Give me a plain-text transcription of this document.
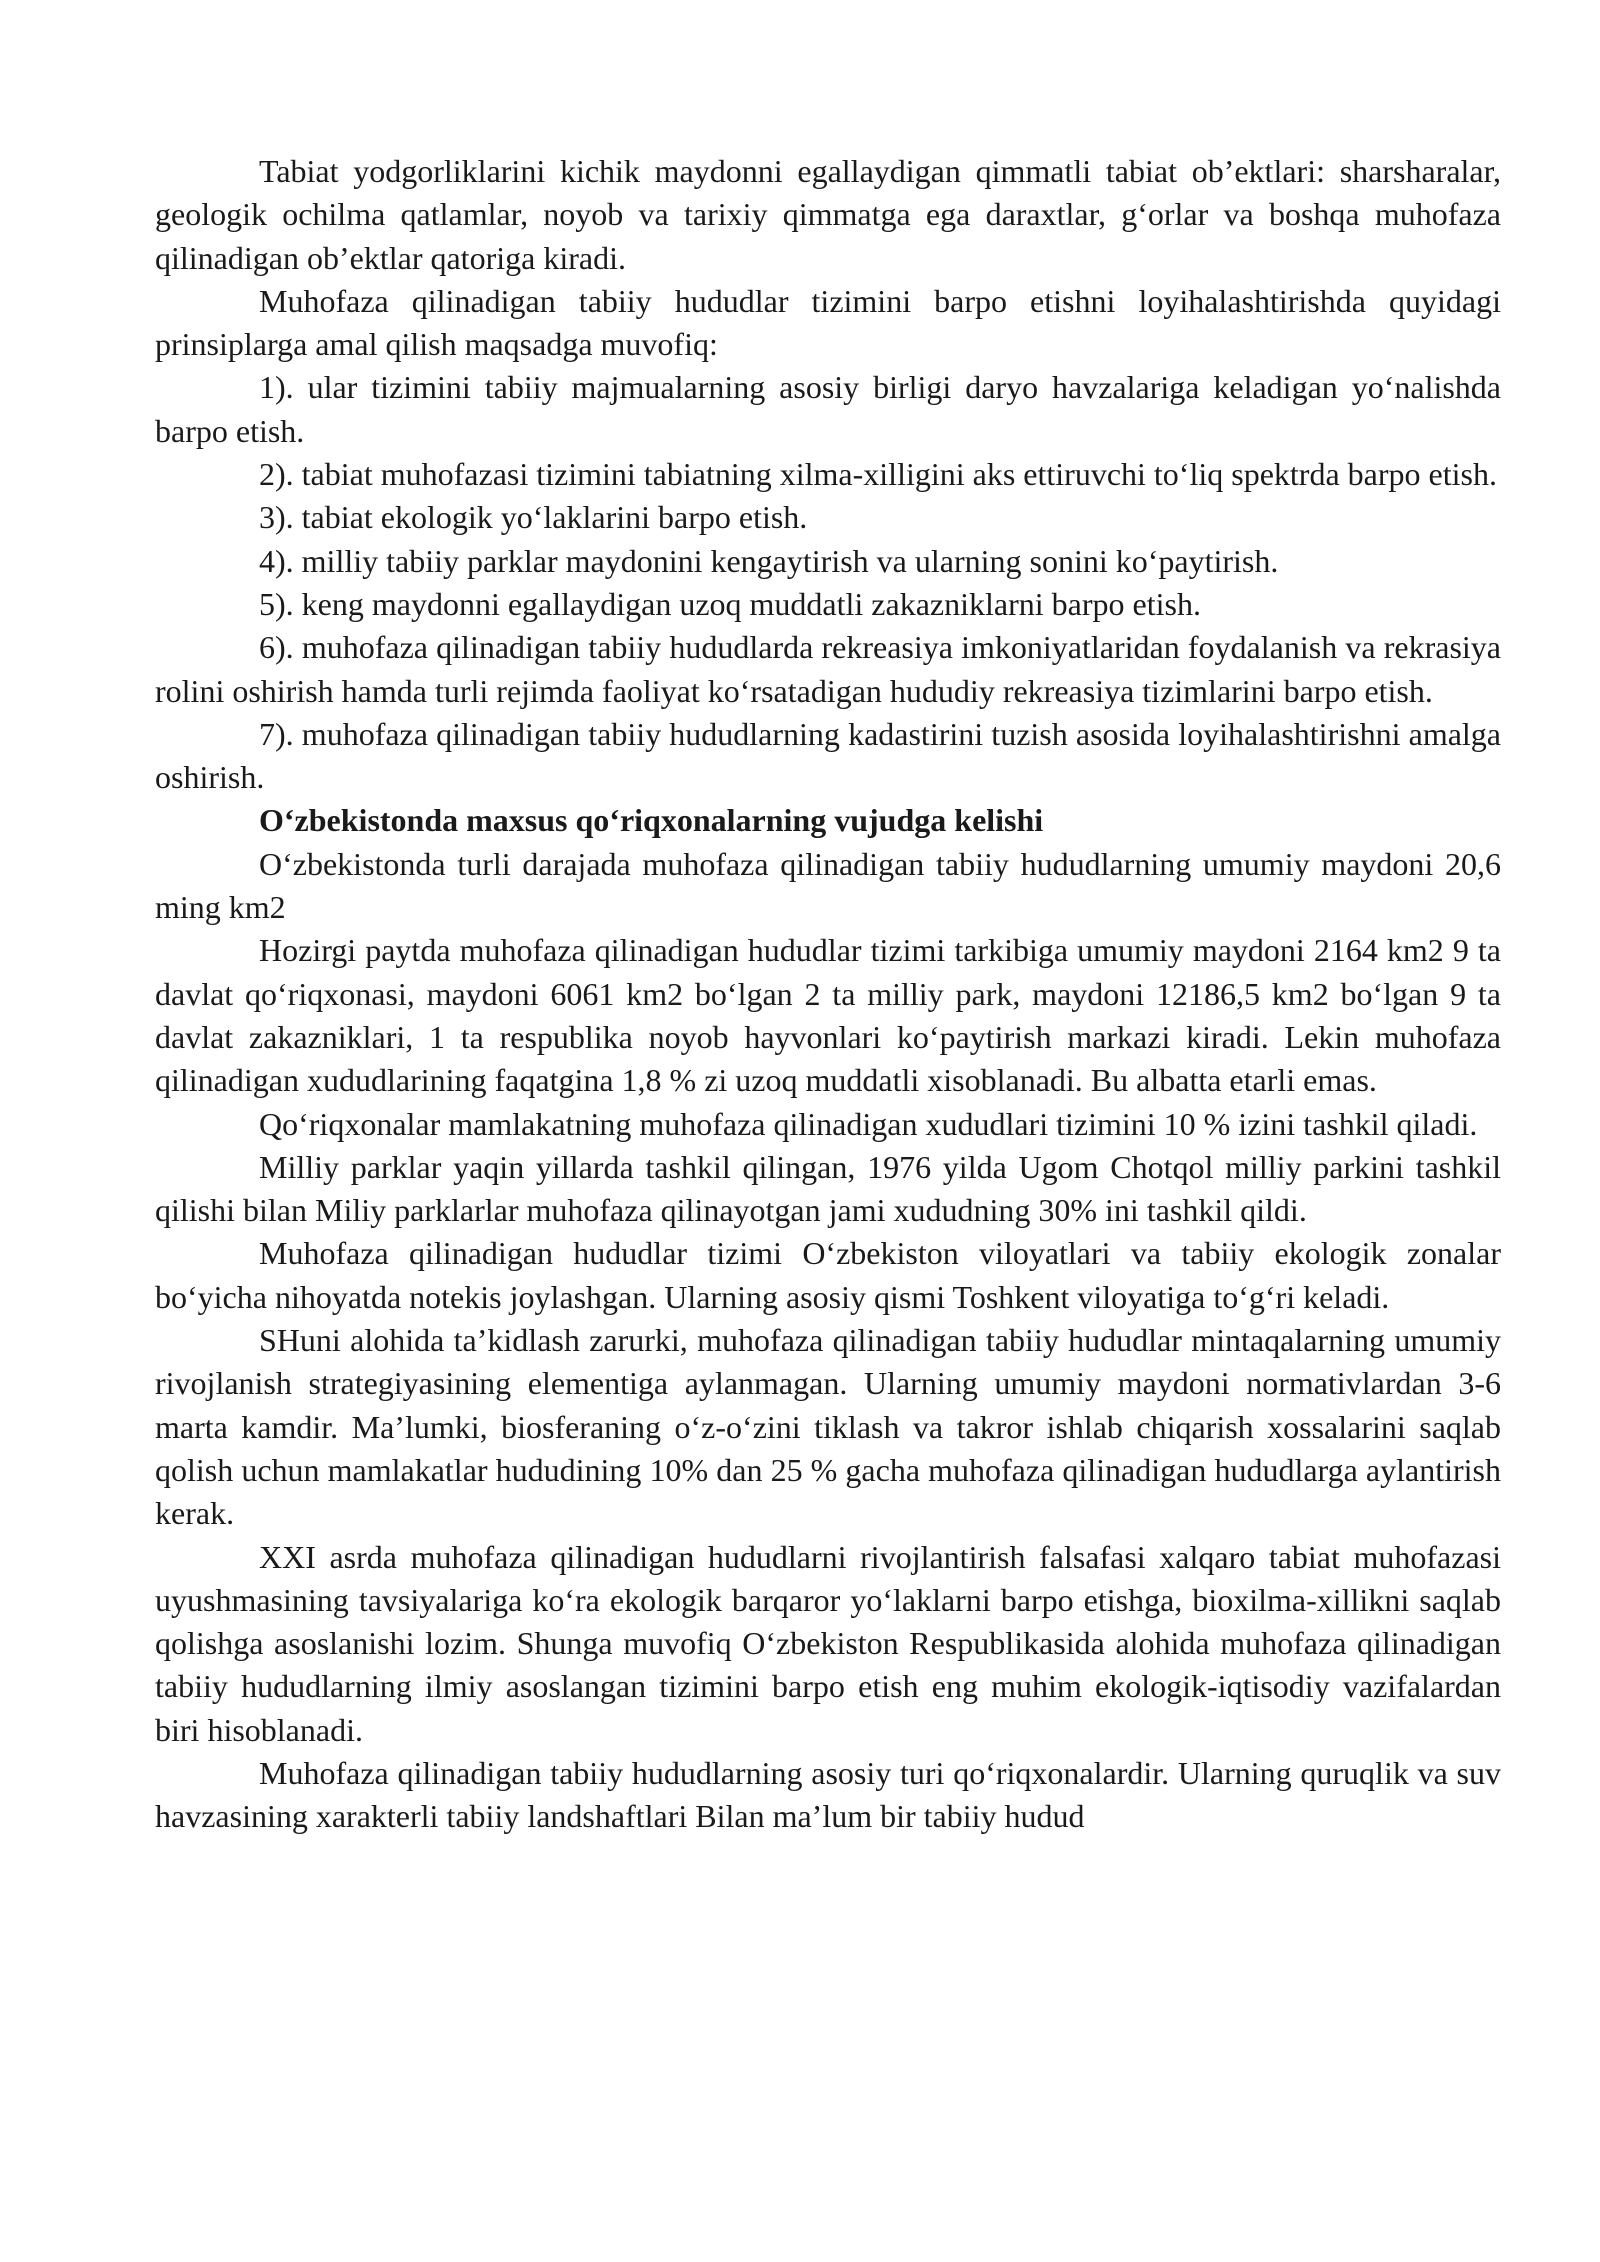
Tabiat yodgorliklarini kichik maydonni egallaydigan qimmatli tabiat ob’ektlari: sharsharalar, geologik ochilma qatlamlar, noyob va tarixiy qimmatga ega daraxtlar, g‘orlar va boshqa muhofaza qilinadigan ob’ektlar qatoriga kiradi.

Muhofaza qilinadigan tabiiy hududlar tizimini barpo etishni loyihalashtirishda quyidagi prinsiplarga amal qilish maqsadga muvofiq:

1). ular tizimini tabiiy majmualarning asosiy birligi daryo havzalariga keladigan yo‘nalishda barpo etish.

2). tabiat muhofazasi tizimini tabiatning xilma-xilligini aks ettiruvchi to‘liq spektrda barpo etish.

3). tabiat ekologik yo‘laklarini barpo etish.

4). milliy tabiiy parklar maydonini kengaytirish va ularning sonini ko‘paytirish.

5). keng maydonni egallaydigan uzoq muddatli zakazniklarni barpo etish.

6). muhofaza qilinadigan tabiiy hududlarda rekreasiya imkoniyatlaridan foydalanish va rekrasiya rolini oshirish hamda turli rejimda faoliyat ko‘rsatadigan hududiy rekreasiya tizimlarini barpo etish.

7). muhofaza qilinadigan tabiiy hududlarning kadastirini tuzish asosida loyihalashtirishni amalga oshirish.

O‘zbekistonda maxsus qo‘riqxonalarning vujudga kelishi

O‘zbekistonda turli darajada muhofaza qilinadigan tabiiy hududlarning umumiy maydoni 20,6 ming km2

Hozirgi paytda muhofaza qilinadigan hududlar tizimi tarkibiga umumiy maydoni 2164 km2 9 ta davlat qo‘riqxonasi, maydoni 6061 km2 bo‘lgan 2 ta milliy park, maydoni 12186,5 km2 bo‘lgan 9 ta davlat zakazniklari, 1 ta respublika noyob hayvonlari ko‘paytirish markazi kiradi. Lekin muhofaza qilinadigan xududlarining faqatgina 1,8 % zi uzoq muddatli xisoblanadi. Bu albatta etarli emas.

Qo‘riqxonalar mamlakatning muhofaza qilinadigan xududlari tizimini 10 % izini tashkil qiladi.

Milliy parklar yaqin yillarda tashkil qilingan, 1976 yilda Ugom Chotqol milliy parkini tashkil qilishi bilan Miliy parklarlar muhofaza qilinayotgan jami xududning 30% ini tashkil qildi.

Muhofaza qilinadigan hududlar tizimi O‘zbekiston viloyatlari va tabiiy ekologik zonalar bo‘yicha nihoyatda notekis joylashgan. Ularning asosiy qismi Toshkent viloyatiga to‘g‘ri keladi.

SHuni alohida ta’kidlash zarurki, muhofaza qilinadigan tabiiy hududlar mintaqalarning umumiy rivojlanish strategiyasining elementiga aylanmagan. Ularning umumiy maydoni normativlardan 3-6 marta kamdir. Ma’lumki, biosferaning o‘z-o‘zini tiklash va takror ishlab chiqarish xossalarini saqlab qolish uchun mamlakatlar hududining 10% dan 25 % gacha muhofaza qilinadigan hududlarga aylantirish kerak.

XXI asrda muhofaza qilinadigan hududlarni rivojlantirish falsafasi xalqaro tabiat muhofazasi uyushmasining tavsiyalariga ko‘ra ekologik barqaror yo‘laklarni barpo etishga, bioxilma-xillikni saqlab qolishga asoslanishi lozim. Shunga muvofiq O‘zbekiston Respublikasida alohida muhofaza qilinadigan tabiiy hududlarning ilmiy asoslangan tizimini barpo etish eng muhim ekologik-iqtisodiy vazifalardan biri hisoblanadi.

Muhofaza qilinadigan tabiiy hududlarning asosiy turi qo‘riqxonalardir. Ularning quruqlik va suv havzasining xarakterli tabiiy landshaftlari Bilan ma’lum bir tabiiy hudud
